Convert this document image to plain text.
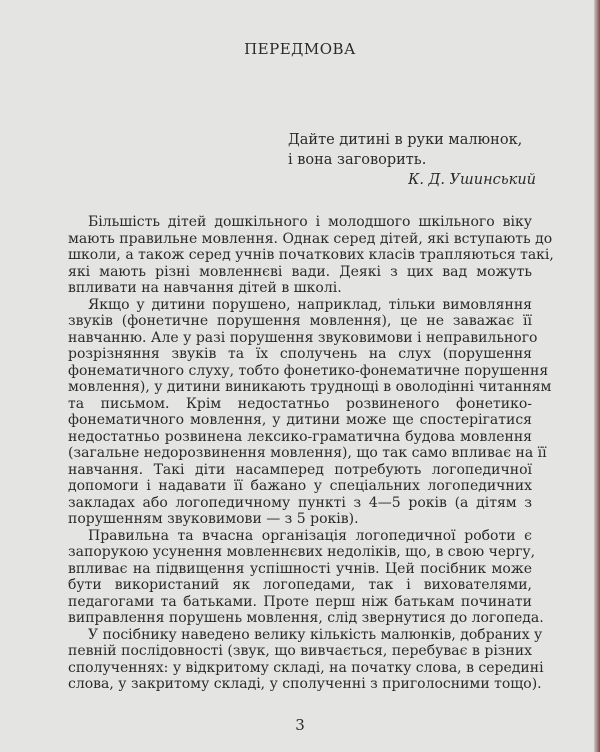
ПЕРЕДМОВА
Дайте дитині в руки малюнок,
і вона заговорить.
К. Д. Ушинський
Більшість дітей дошкільного і молодшого шкільного віку
мають правильне мовлення. Однак серед дітей, які вступають до
школи, а також серед учнів початкових класів трапляються такі,
які мають різні мовленнєві вади. Деякі з цих вад можуть
впливати на навчання дітей в школі.
Якщо у дитини порушено, наприклад, тільки вимовляння
звуків (фонетичне порушення мовлення), це не заважає її
навчанню. Але у разі порушення звуковимови і неправильного
розрізняння звуків та їх сполучень на слух (порушення
фонематичного слуху, тобто фонетико-фонематичне порушення
мовлення), у дитини виникають труднощі в оволодінні читанням
та письмом. Крім недостатньо розвиненого фонетико-
фонематичного мовлення, у дитини може ще спостерігатися
недостатньо розвинена лексико-граматична будова мовлення
(загальне недорозвинення мовлення), що так само впливає на її
навчання. Такі діти насамперед потребують логопедичної
допомоги і надавати її бажано у спеціальних логопедичних
закладах або логопедичному пункті з 4—5 років (а дітям з
порушенням звуковимови — з 5 років).
Правильна та вчасна організація логопедичної роботи є
запорукою усунення мовленнєвих недоліків, що, в свою чергу,
впливає на підвищення успішності учнів. Цей посібник може
бути використаний як логопедами, так і вихователями,
педагогами та батьками. Проте перш ніж батькам починати
виправлення порушень мовлення, слід звернутися до логопеда.
У посібнику наведено велику кількість малюнків, добраних у
певній послідовності (звук, що вивчається, перебуває в різних
сполученнях: у відкритому складі, на початку слова, в середині
слова, у закритому складі, у сполученні з приголосними тощо).
3
